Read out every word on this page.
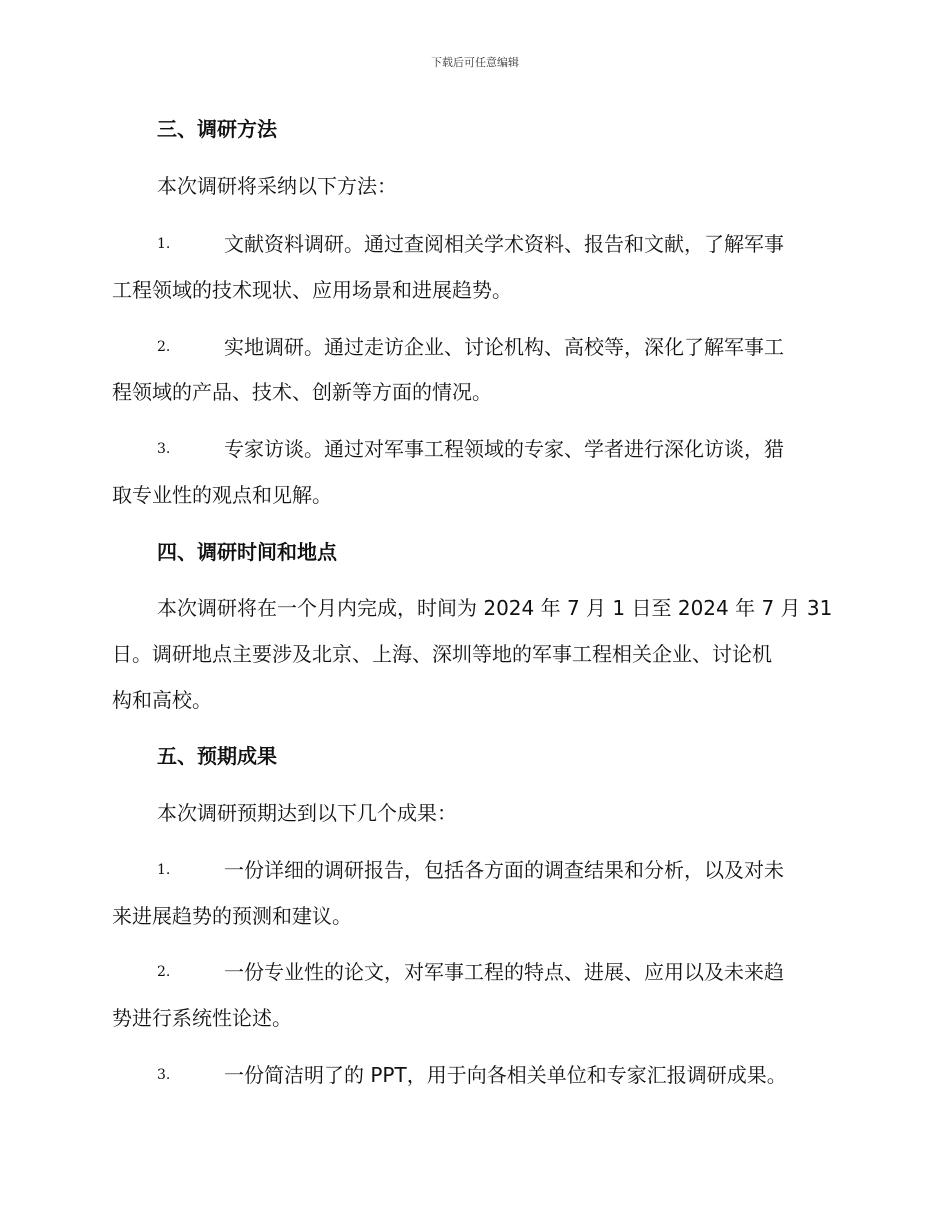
下载后可任意编辑
三、调研方法
本次调研将采纳以下方法：
1.	文献资料调研。通过查阅相关学术资料、报告和文献，了解军事
工程领域的技术现状、应用场景和进展趋势。
2.	实地调研。通过走访企业、讨论机构、高校等，深化了解军事工
程领域的产品、技术、创新等方面的情况。
3.	专家访谈。通过对军事工程领域的专家、学者进行深化访谈，猎
取专业性的观点和见解。
四、调研时间和地点
本次调研将在一个月内完成，时间为 2024 年 7 月 1 日至 2024 年 7 月 31
日。调研地点主要涉及北京、上海、深圳等地的军事工程相关企业、讨论机
构和高校。
五、预期成果
本次调研预期达到以下几个成果：
1.	一份详细的调研报告，包括各方面的调查结果和分析，以及对未
来进展趋势的预测和建议。
2.	一份专业性的论文，对军事工程的特点、进展、应用以及未来趋
势进行系统性论述。
3.	一份简洁明了的 PPT，用于向各相关单位和专家汇报调研成果。
